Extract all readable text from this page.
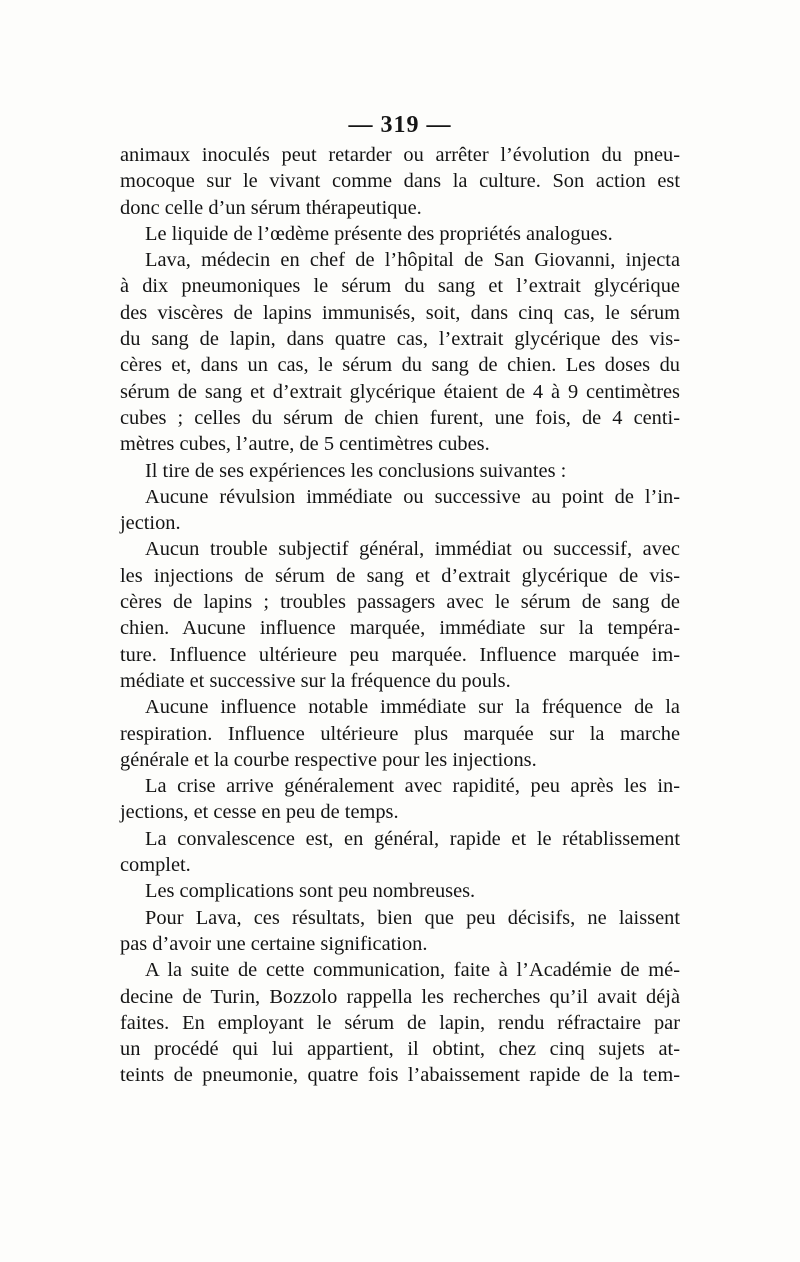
— 319 —
animaux inoculés peut retarder ou arrêter l’évolution du pneu-
mocoque sur le vivant comme dans la culture. Son action est
donc celle d’un sérum thérapeutique.
Le liquide de l’œdème présente des propriétés analogues.
Lava, médecin en chef de l’hôpital de San Giovanni, injecta
à dix pneumoniques le sérum du sang et l’extrait glycérique
des viscères de lapins immunisés, soit, dans cinq cas, le sérum
du sang de lapin, dans quatre cas, l’extrait glycérique des vis-
cères et, dans un cas, le sérum du sang de chien. Les doses du
sérum de sang et d’extrait glycérique étaient de 4 à 9 centimètres
cubes ; celles du sérum de chien furent, une fois, de 4 centi-
mètres cubes, l’autre, de 5 centimètres cubes.
Il tire de ses expériences les conclusions suivantes :
Aucune révulsion immédiate ou successive au point de l’in-
jection.
Aucun trouble subjectif général, immédiat ou successif, avec
les injections de sérum de sang et d’extrait glycérique de vis-
cères de lapins ; troubles passagers avec le sérum de sang de
chien. Aucune influence marquée, immédiate sur la tempéra-
ture. Influence ultérieure peu marquée. Influence marquée im-
médiate et successive sur la fréquence du pouls.
Aucune influence notable immédiate sur la fréquence de la
respiration. Influence ultérieure plus marquée sur la marche
générale et la courbe respective pour les injections.
La crise arrive généralement avec rapidité, peu après les in-
jections, et cesse en peu de temps.
La convalescence est, en général, rapide et le rétablissement
complet.
Les complications sont peu nombreuses.
Pour Lava, ces résultats, bien que peu décisifs, ne laissent
pas d’avoir une certaine signification.
A la suite de cette communication, faite à l’Académie de mé-
decine de Turin, Bozzolo rappella les recherches qu’il avait déjà
faites. En employant le sérum de lapin, rendu réfractaire par
un procédé qui lui appartient, il obtint, chez cinq sujets at-
teints de pneumonie, quatre fois l’abaissement rapide de la tem-
